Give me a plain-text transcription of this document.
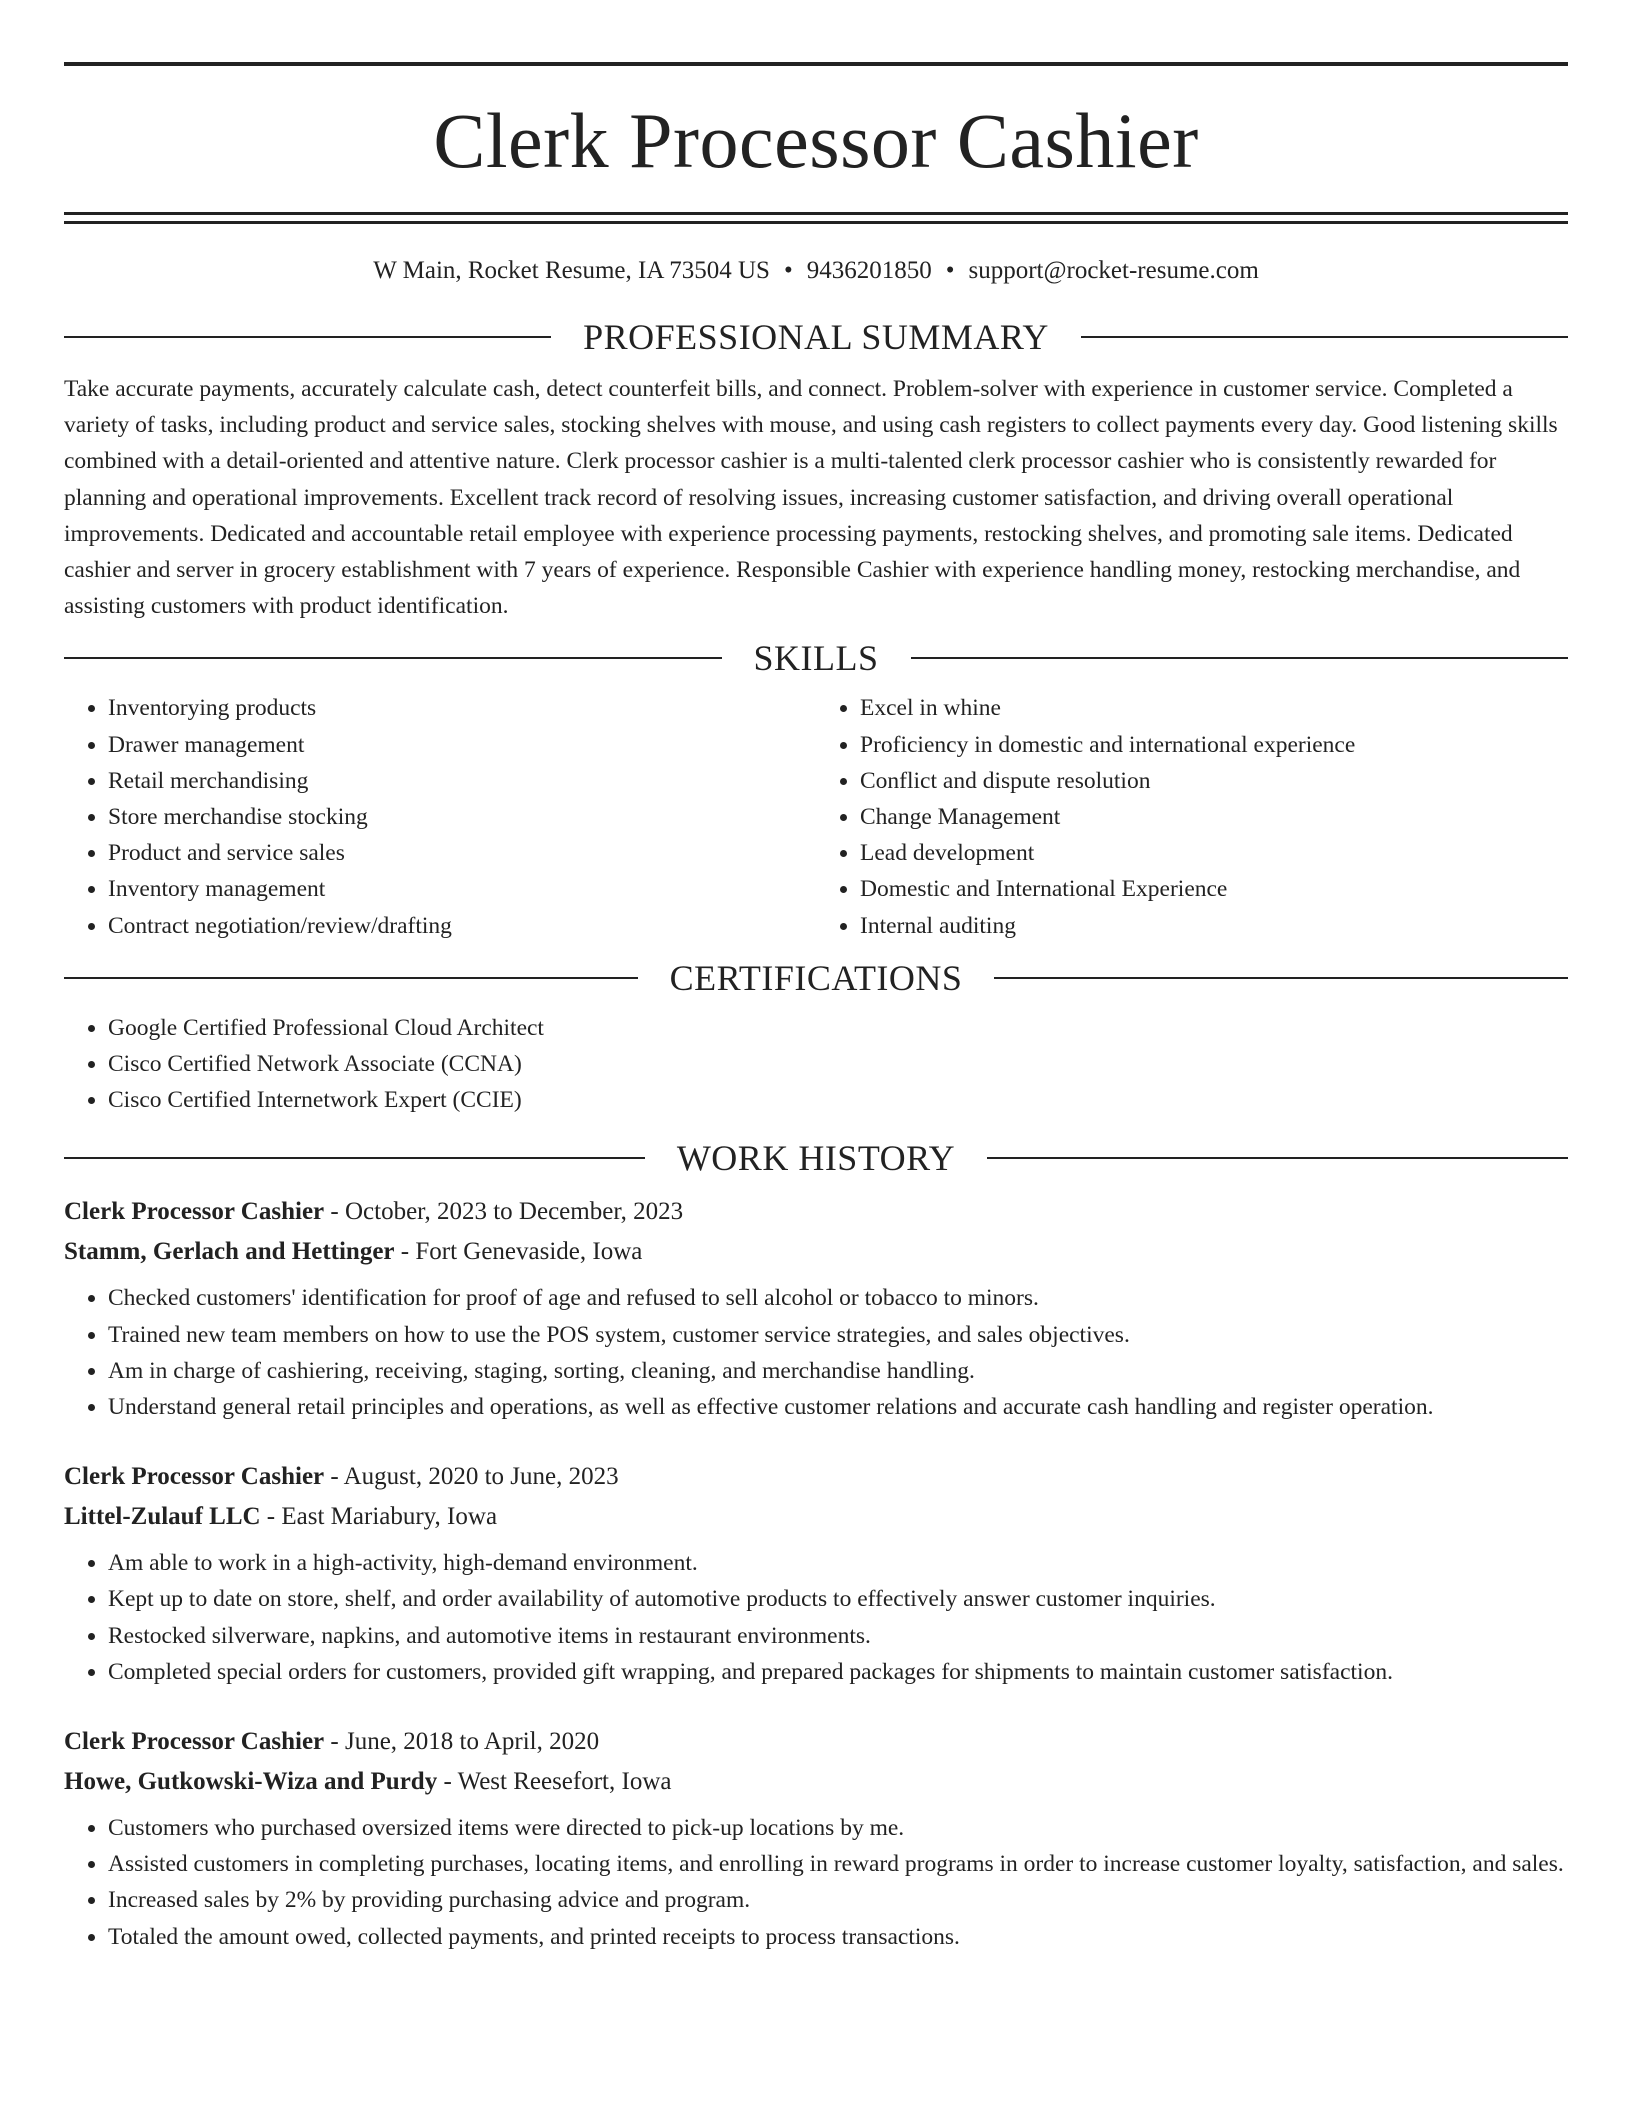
Clerk Processor Cashier
W Main, Rocket Resume, IA 73504 US • 9436201850 • support@rocket-resume.com
PROFESSIONAL SUMMARY

Take accurate payments, accurately calculate cash, detect counterfeit bills, and connect. Problem-solver with experience in customer service. Completed a variety of tasks, including product and service sales, stocking shelves with mouse, and using cash registers to collect payments every day. Good listening skills combined with a detail-oriented and attentive nature. Clerk processor cashier is a multi-talented clerk processor cashier who is consistently rewarded for planning and operational improvements. Excellent track record of resolving issues, increasing customer satisfaction, and driving overall operational improvements. Dedicated and accountable retail employee with experience processing payments, restocking shelves, and promoting sale items. Dedicated cashier and server in grocery establishment with 7 years of experience. Responsible Cashier with experience handling money, restocking merchandise, and assisting customers with product identification.

SKILLS
• Inventorying products
• Drawer management
• Retail merchandising
• Store merchandise stocking
• Product and service sales
• Inventory management
• Contract negotiation/review/drafting
• Excel in whine
• Proficiency in domestic and international experience
• Conflict and dispute resolution
• Change Management
• Lead development
• Domestic and International Experience
• Internal auditing
CERTIFICATIONS
• Google Certified Professional Cloud Architect
• Cisco Certified Network Associate (CCNA)
• Cisco Certified Internetwork Expert (CCIE)
WORK HISTORY
Clerk Processor Cashier - October, 2023 to December, 2023
Stamm, Gerlach and Hettinger - Fort Genevaside, Iowa
• Checked customers' identification for proof of age and refused to sell alcohol or tobacco to minors.
• Trained new team members on how to use the POS system, customer service strategies, and sales objectives.
• Am in charge of cashiering, receiving, staging, sorting, cleaning, and merchandise handling.
• Understand general retail principles and operations, as well as effective customer relations and accurate cash handling and register operation.
Clerk Processor Cashier - August, 2020 to June, 2023
Littel-Zulauf LLC - East Mariabury, Iowa
• Am able to work in a high-activity, high-demand environment.
• Kept up to date on store, shelf, and order availability of automotive products to effectively answer customer inquiries.
• Restocked silverware, napkins, and automotive items in restaurant environments.
• Completed special orders for customers, provided gift wrapping, and prepared packages for shipments to maintain customer satisfaction.
Clerk Processor Cashier - June, 2018 to April, 2020
Howe, Gutkowski-Wiza and Purdy - West Reesefort, Iowa
• Customers who purchased oversized items were directed to pick-up locations by me.
• Assisted customers in completing purchases, locating items, and enrolling in reward programs in order to increase customer loyalty, satisfaction, and sales.
• Increased sales by 2% by providing purchasing advice and program.
• Totaled the amount owed, collected payments, and printed receipts to process transactions.
